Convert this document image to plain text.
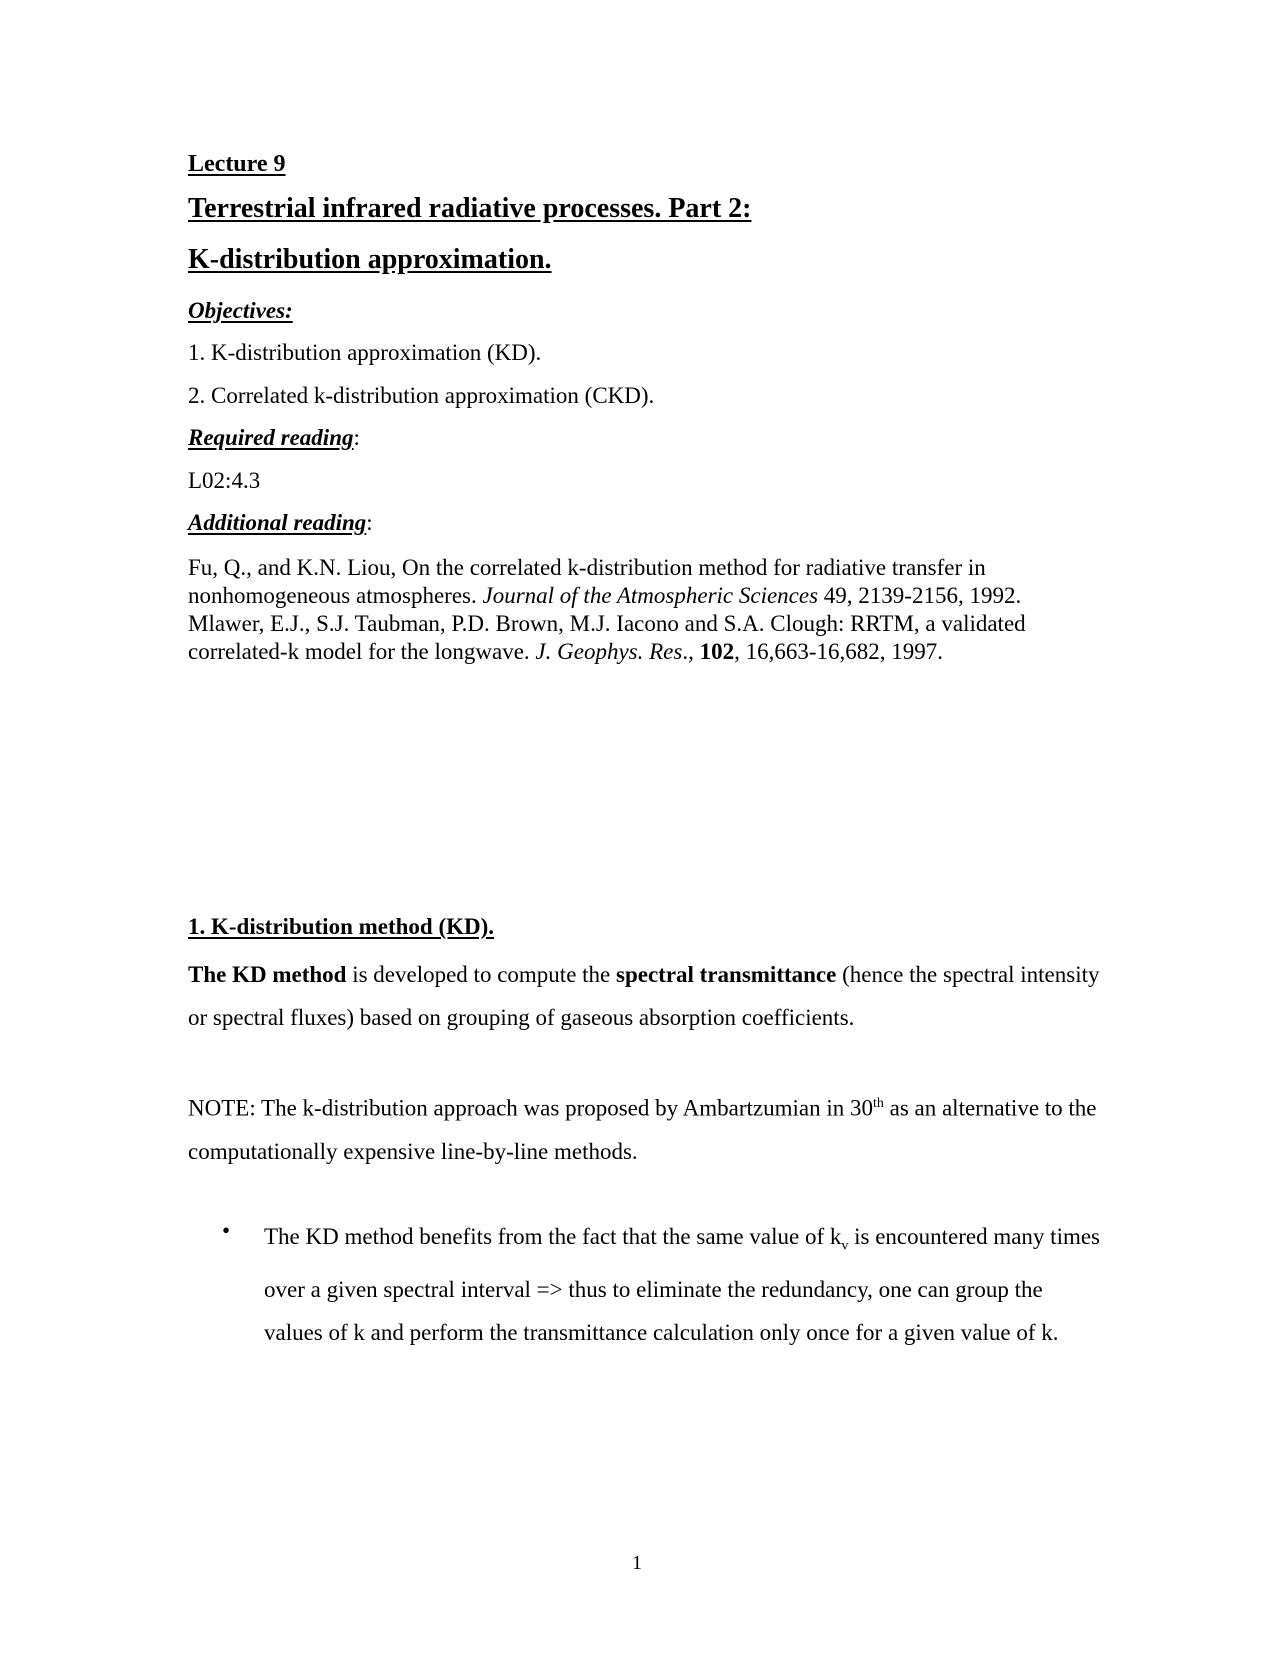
Lecture 9
Terrestrial infrared radiative processes. Part 2:
K-distribution approximation.
Objectives:
1. K-distribution approximation (KD).
2. Correlated k-distribution approximation (CKD).
Required reading:
L02:4.3
Additional reading:

Fu, Q., and K.N. Liou, On the correlated k-distribution method for radiative transfer in nonhomogeneous atmospheres. Journal of the Atmospheric Sciences 49, 2139-2156, 1992.

Mlawer, E.J., S.J. Taubman, P.D. Brown, M.J. Iacono and S.A. Clough: RRTM, a validated correlated-k model for the longwave. J. Geophys. Res., 102, 16,663-16,682, 1997.

1. K-distribution method (KD).
The KD method is developed to compute the spectral transmittance (hence the spectral intensity or spectral fluxes) based on grouping of gaseous absorption coefficients.
NOTE: The k-distribution approach was proposed by Ambartzumian in 30th as an alternative to the computationally expensive line-by-line methods.
• The KD method benefits from the fact that the same value of $k_v$ is encountered many times over a given spectral interval => thus to eliminate the redundancy, one can group the values of k and perform the transmittance calculation only once for a given value of k.
1
